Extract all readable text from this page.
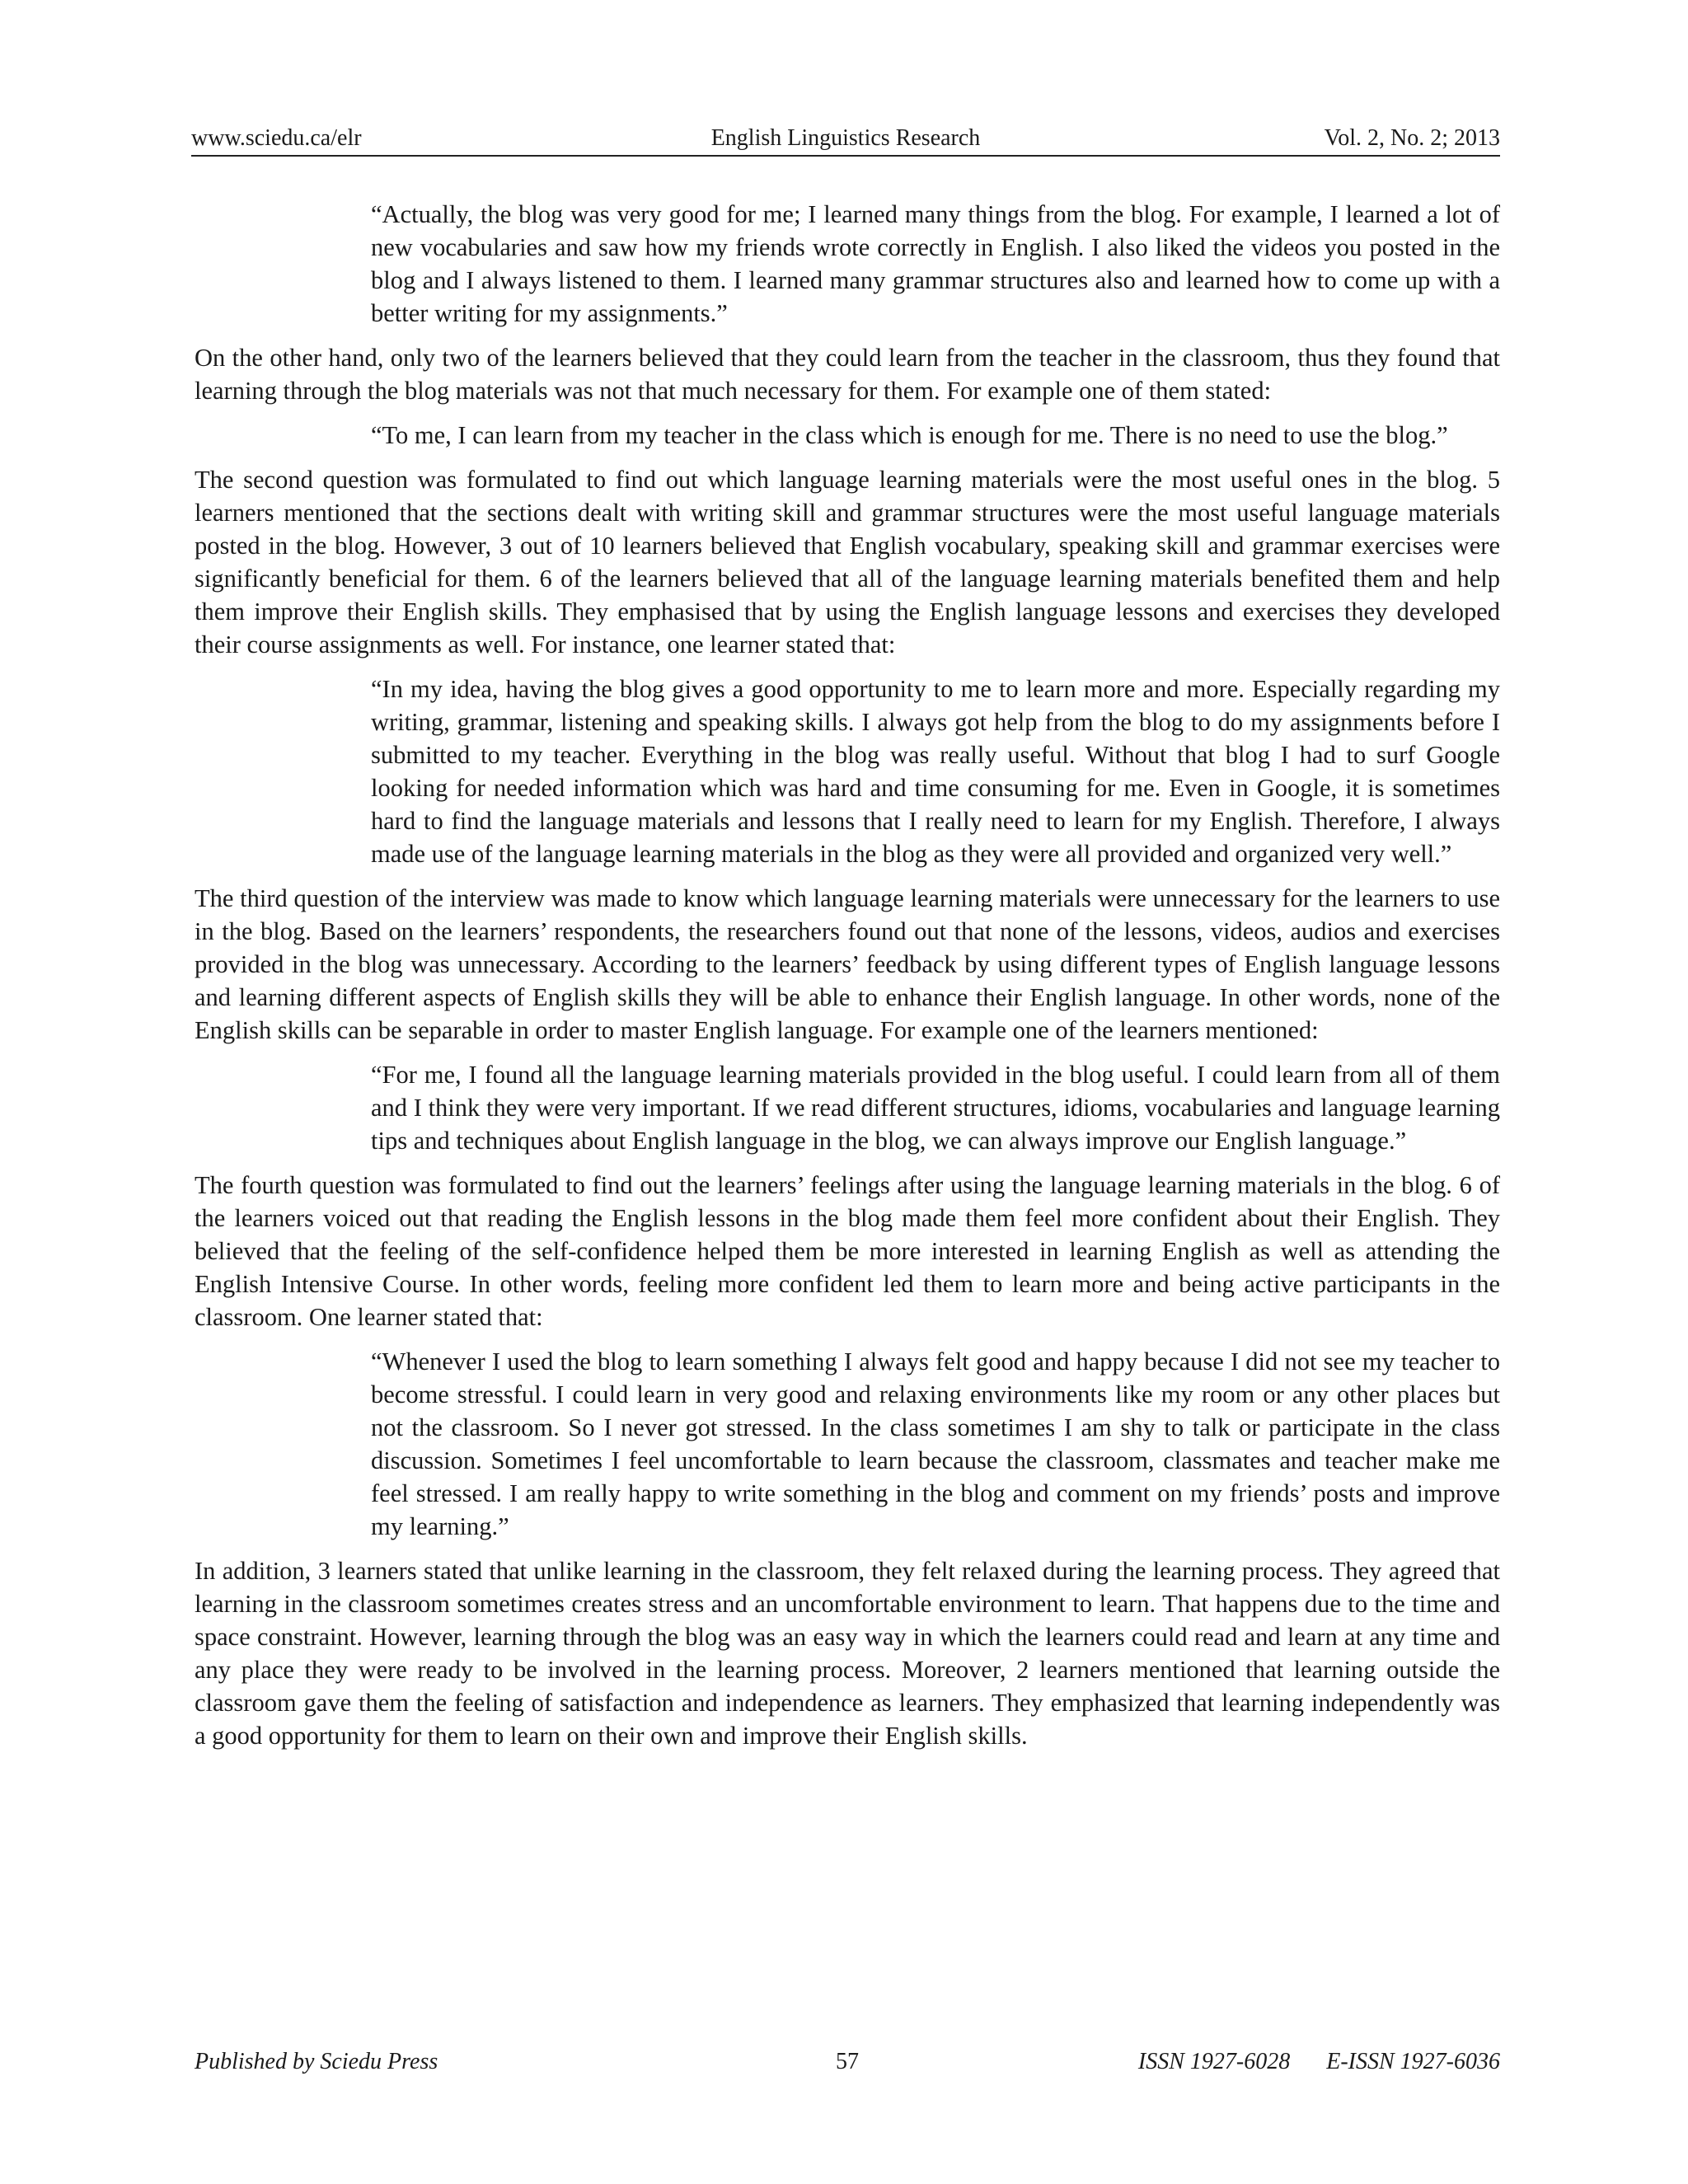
www.sciedu.ca/elr	English Linguistics Research	Vol. 2, No. 2; 2013

“Actually, the blog was very good for me; I learned many things from the blog. For example, I learned a lot of new vocabularies and saw how my friends wrote correctly in English. I also liked the videos you posted in the blog and I always listened to them. I learned many grammar structures also and learned how to come up with a better writing for my assignments.”

On the other hand, only two of the learners believed that they could learn from the teacher in the classroom, thus they found that learning through the blog materials was not that much necessary for them. For example one of them stated:

“To me, I can learn from my teacher in the class which is enough for me. There is no need to use the blog.”

The second question was formulated to find out which language learning materials were the most useful ones in the blog. 5 learners mentioned that the sections dealt with writing skill and grammar structures were the most useful language materials posted in the blog. However, 3 out of 10 learners believed that English vocabulary, speaking skill and grammar exercises were significantly beneficial for them. 6 of the learners believed that all of the language learning materials benefited them and help them improve their English skills. They emphasised that by using the English language lessons and exercises they developed their course assignments as well. For instance, one learner stated that:

“In my idea, having the blog gives a good opportunity to me to learn more and more. Especially regarding my writing, grammar, listening and speaking skills. I always got help from the blog to do my assignments before I submitted to my teacher. Everything in the blog was really useful. Without that blog I had to surf Google looking for needed information which was hard and time consuming for me. Even in Google, it is sometimes hard to find the language materials and lessons that I really need to learn for my English. Therefore, I always made use of the language learning materials in the blog as they were all provided and organized very well.”

The third question of the interview was made to know which language learning materials were unnecessary for the learners to use in the blog. Based on the learners’ respondents, the researchers found out that none of the lessons, videos, audios and exercises provided in the blog was unnecessary. According to the learners’ feedback by using different types of English language lessons and learning different aspects of English skills they will be able to enhance their English language. In other words, none of the English skills can be separable in order to master English language. For example one of the learners mentioned:

“For me, I found all the language learning materials provided in the blog useful. I could learn from all of them and I think they were very important. If we read different structures, idioms, vocabularies and language learning tips and techniques about English language in the blog, we can always improve our English language.”

The fourth question was formulated to find out the learners’ feelings after using the language learning materials in the blog. 6 of the learners voiced out that reading the English lessons in the blog made them feel more confident about their English. They believed that the feeling of the self-confidence helped them be more interested in learning English as well as attending the English Intensive Course. In other words, feeling more confident led them to learn more and being active participants in the classroom. One learner stated that:

“Whenever I used the blog to learn something I always felt good and happy because I did not see my teacher to become stressful. I could learn in very good and relaxing environments like my room or any other places but not the classroom. So I never got stressed. In the class sometimes I am shy to talk or participate in the class discussion. Sometimes I feel uncomfortable to learn because the classroom, classmates and teacher make me feel stressed. I am really happy to write something in the blog and comment on my friends’ posts and improve my learning.”

In addition, 3 learners stated that unlike learning in the classroom, they felt relaxed during the learning process. They agreed that learning in the classroom sometimes creates stress and an uncomfortable environment to learn. That happens due to the time and space constraint. However, learning through the blog was an easy way in which the learners could read and learn at any time and any place they were ready to be involved in the learning process. Moreover, 2 learners mentioned that learning outside the classroom gave them the feeling of satisfaction and independence as learners. They emphasized that learning independently was a good opportunity for them to learn on their own and improve their English skills.

Published by Sciedu Press	57	ISSN 1927-6028 E-ISSN 1927-6036
